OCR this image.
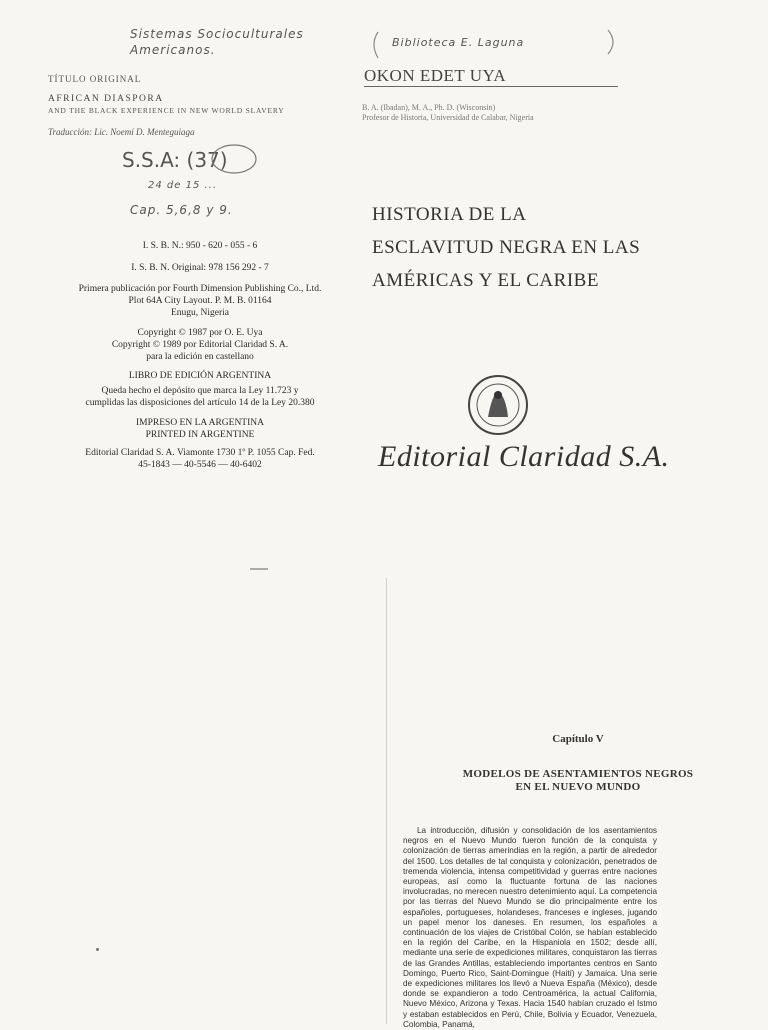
Sistemas Socioculturales Americanos.
TÍTULO ORIGINAL
AFRICAN DIASPORA
AND THE BLACK EXPERIENCE IN NEW WORLD SLAVERY
Traducción: Lic. Noemí D. Menteguiaga
S.S.A: (37)
24 de 15 ...
Cap. 5,6,8 y 9.
I. S. B. N.: 950 - 620 - 055 - 6
I. S. B. N. Original: 978 156 292 - 7
Primera publicación por Fourth Dimension Publishing Co., Ltd.
Plot 64A City Layout. P. M. B. 01164
Enugu, Nigeria
Copyright © 1987 por O. E. Uya
Copyright © 1989 por Editorial Claridad S. A.
para la edición en castellano
LIBRO DE EDICIÓN ARGENTINA
Queda hecho el depósito que marca la Ley 11.723 y
cumplidas las disposiciones del artículo 14 de la Ley 20.380
IMPRESO EN LA ARGENTINA
PRINTED IN ARGENTINE
Editorial Claridad S. A. Viamonte 1730 1º P. 1055 Cap. Fed.
45-1843 — 40-5546 — 40-6402
Biblioteca E. Laguna
OKON EDET UYA
B. A. (Ibadan), M. A., Ph. D. (Wisconsin)
Profesor de Historia, Universidad de Calabar, Nigeria
HISTORIA DE LA
ESCLAVITUD NEGRA EN LAS
AMÉRICAS Y EL CARIBE
Editorial Claridad S.A.
Capítulo V
MODELOS DE ASENTAMIENTOS NEGROS
EN EL NUEVO MUNDO
La introducción, difusión y consolidación de los asentamientos negros en el Nuevo Mundo fueron función de la conquista y colonización de tierras amerindias en la región, a partir de alrededor del 1500. Los detalles de tal conquista y colonización, penetrados de tremenda violencia, intensa competitividad y guerras entre naciones europeas, así como la fluctuante fortuna de las naciones involucradas, no merecen nuestro detenimiento aquí. La competencia por las tierras del Nuevo Mundo se dio principalmente entre los españoles, portugueses, holandeses, franceses e ingleses, jugando un papel menor los daneses. En resumen, los españoles a continuación de los viajes de Cristóbal Colón, se habían establecido en la región del Caribe, en la Hispaniola en 1502; desde allí, mediante una serie de expediciones militares, conquistaron las tierras de las Grandes Antillas, estableciendo importantes centros en Santo Domingo, Puerto Rico, Saint-Domingue (Haití) y Jamaica. Una serie de expediciones militares los llevó a Nueva España (México), desde donde se expandieron a todo Centroamérica, la actual California, Nuevo México, Arizona y Texas. Hacia 1540 habían cruzado el Istmo y estaban establecidos en Perú, Chile, Bolivia y Ecuador, Venezuela, Colombia, Panamá,
